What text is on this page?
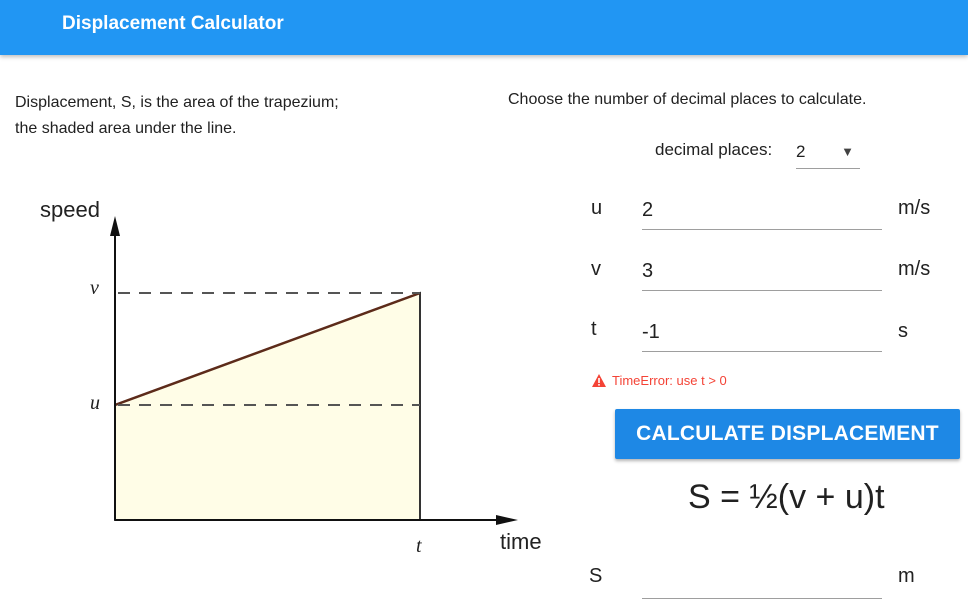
Displacement Calculator
Displacement, S, is the area of the trapezium;
the shaded area under the line.
Choose the number of decimal places to calculate.
decimal places: 2	▼
u 2	m/s
v 3	m/s
t -1	s
TimeError: use t > 0
CALCULATE DISPLACEMENT
S = ½(v + u)t
S	m
speed
time
v
u
t
